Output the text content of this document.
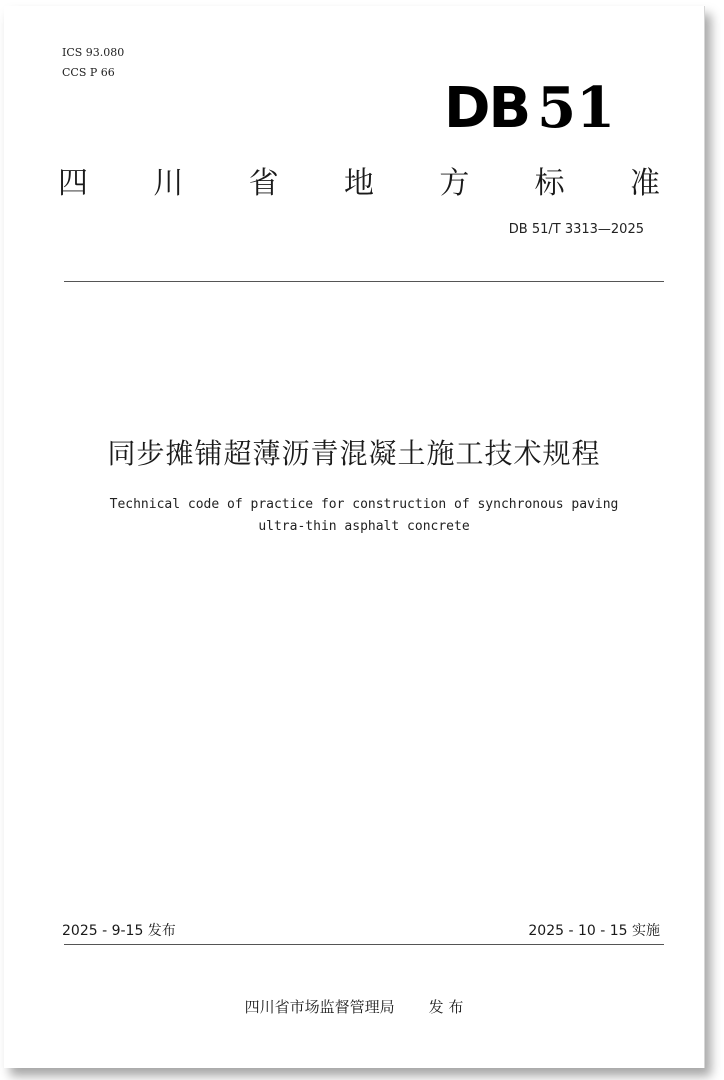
ICS 93.080
CCS P 66
DB 51
四 川 省 地 方 标 准
DB 51/T 3313—2025
同步摊铺超薄沥青混凝土施工技术规程
Technical code of practice for construction of synchronous paving
ultra-thin asphalt concrete
2025 - 9-15 发布	2025 - 10 - 15 实施
四川省市场监督管理局 发 布
